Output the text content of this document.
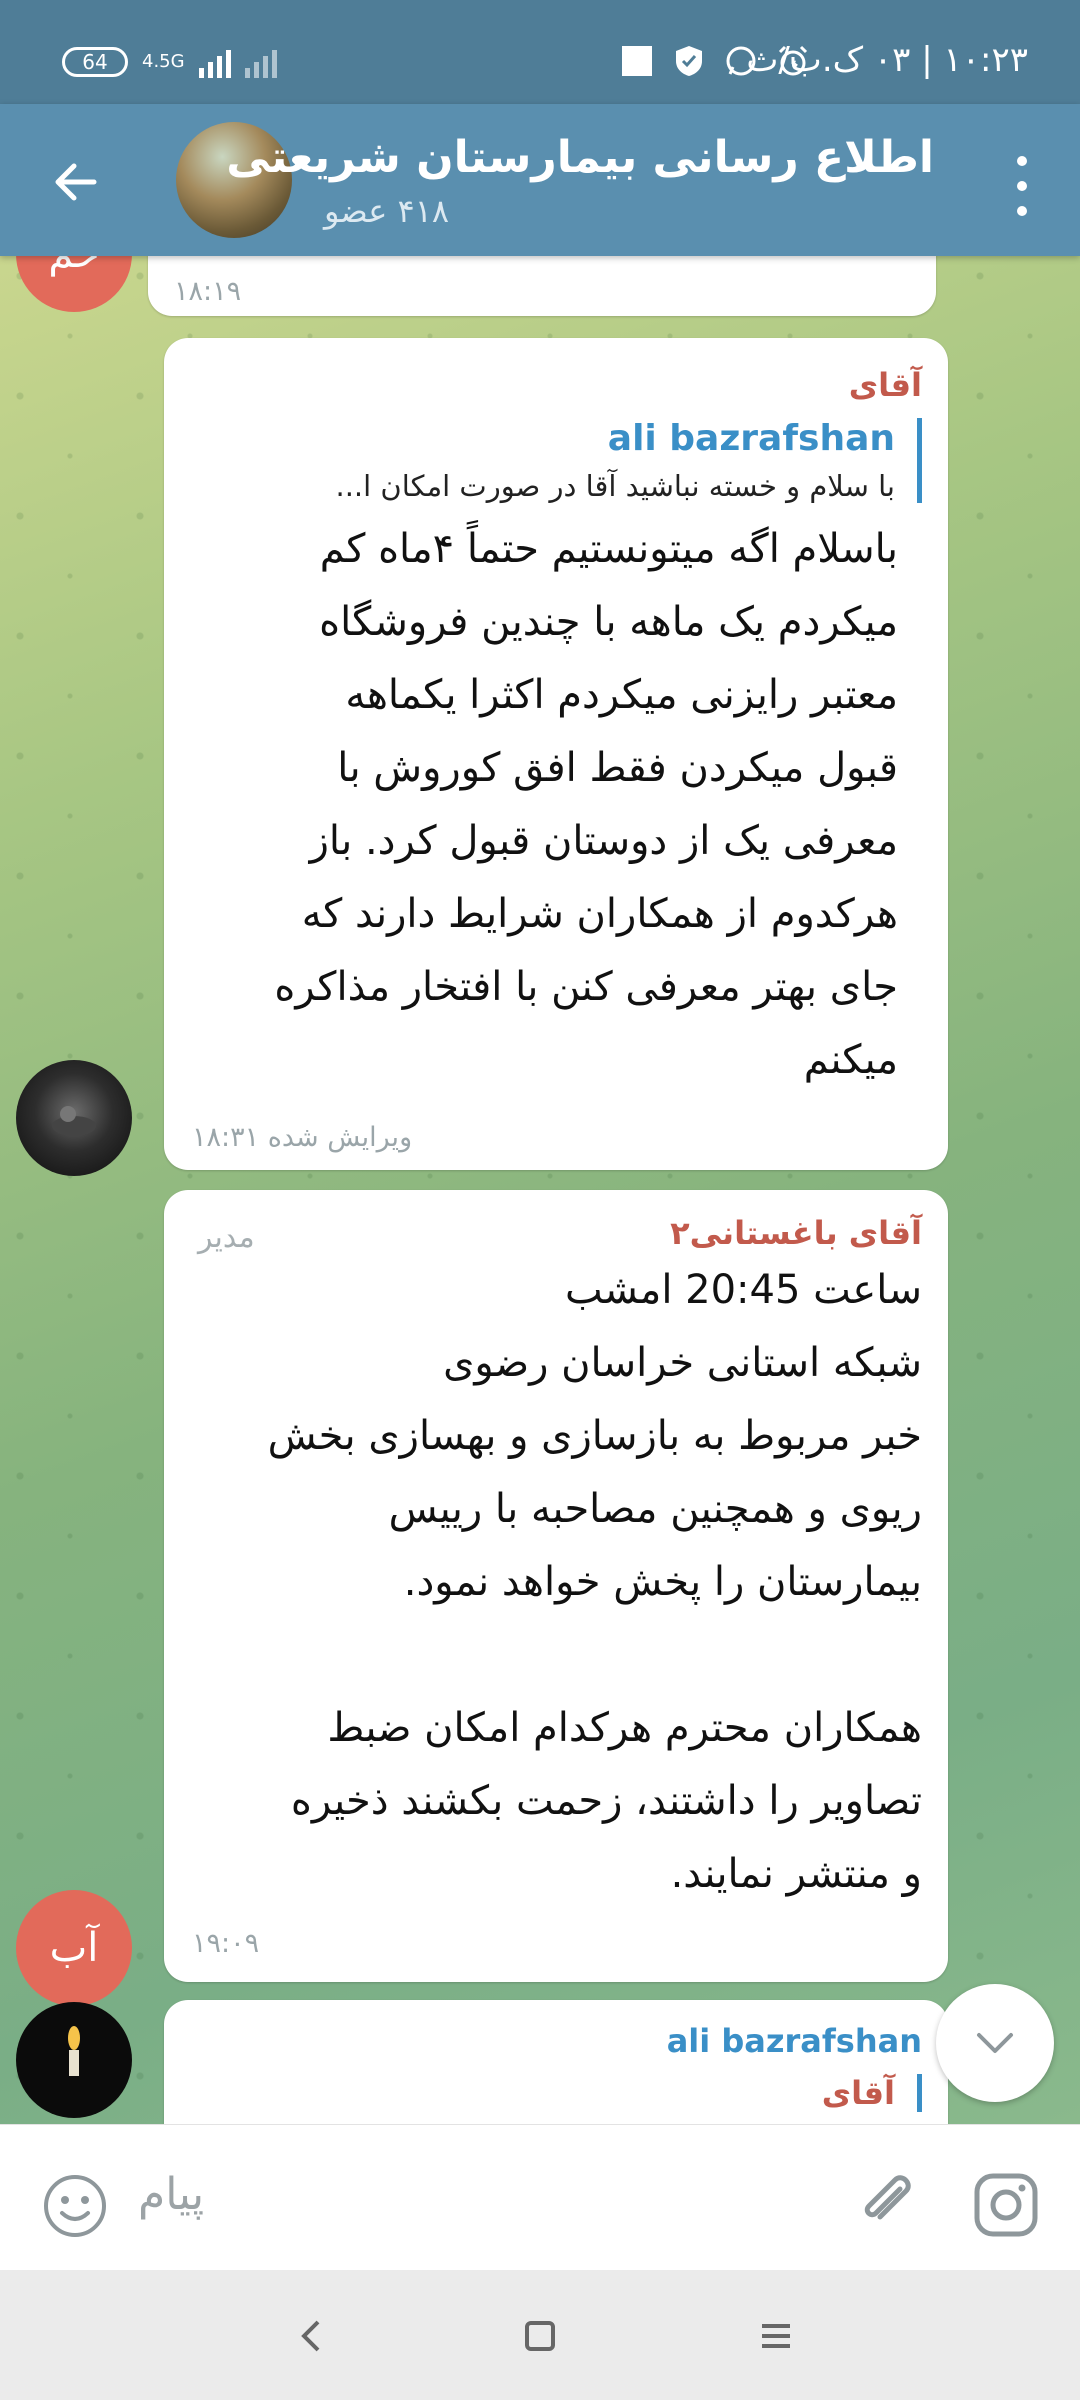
64	4.5G	۱۰:۲۳ | ۰۳ ک.ب/ث
اطلاع رسانی بیمارستان شریعتی
۴۱۸ عضو
۱۸:۱۹
آقای
ali bazrafshan
با سلام و خسته نباشید آقا در صورت امکان ا...
باسلام اگه میتونستیم حتماً ۴ماه کم
میکردم یک ماهه با چندین فروشگاه
معتبر رایزنی میکردم اکثرا یکماهه
قبول میکردن فقط افق کوروش با
معرفی یک از دوستان قبول کرد. باز
هرکدوم از همکاران شرایط دارند که
جای بهتر معرفی کنن با افتخار مذاکره
میکنم
ویرایش شده ۱۸:۳۱
آب
مدیر	آقای باغستانی۲
ساعت 20:45 امشب
شبکه استانی خراسان رضوی
خبر مربوط به بازسازی و بهسازی بخش
ریوی و همچنین مصاحبه با رییس
بیمارستان را پخش خواهد نمود.

همکاران محترم هرکدام امکان ضبط
تصاویر را داشتند، زحمت بکشند ذخیره
و منتشر نمایند.
۱۹:۰۹
ali bazrafshan
آقای
پیام
